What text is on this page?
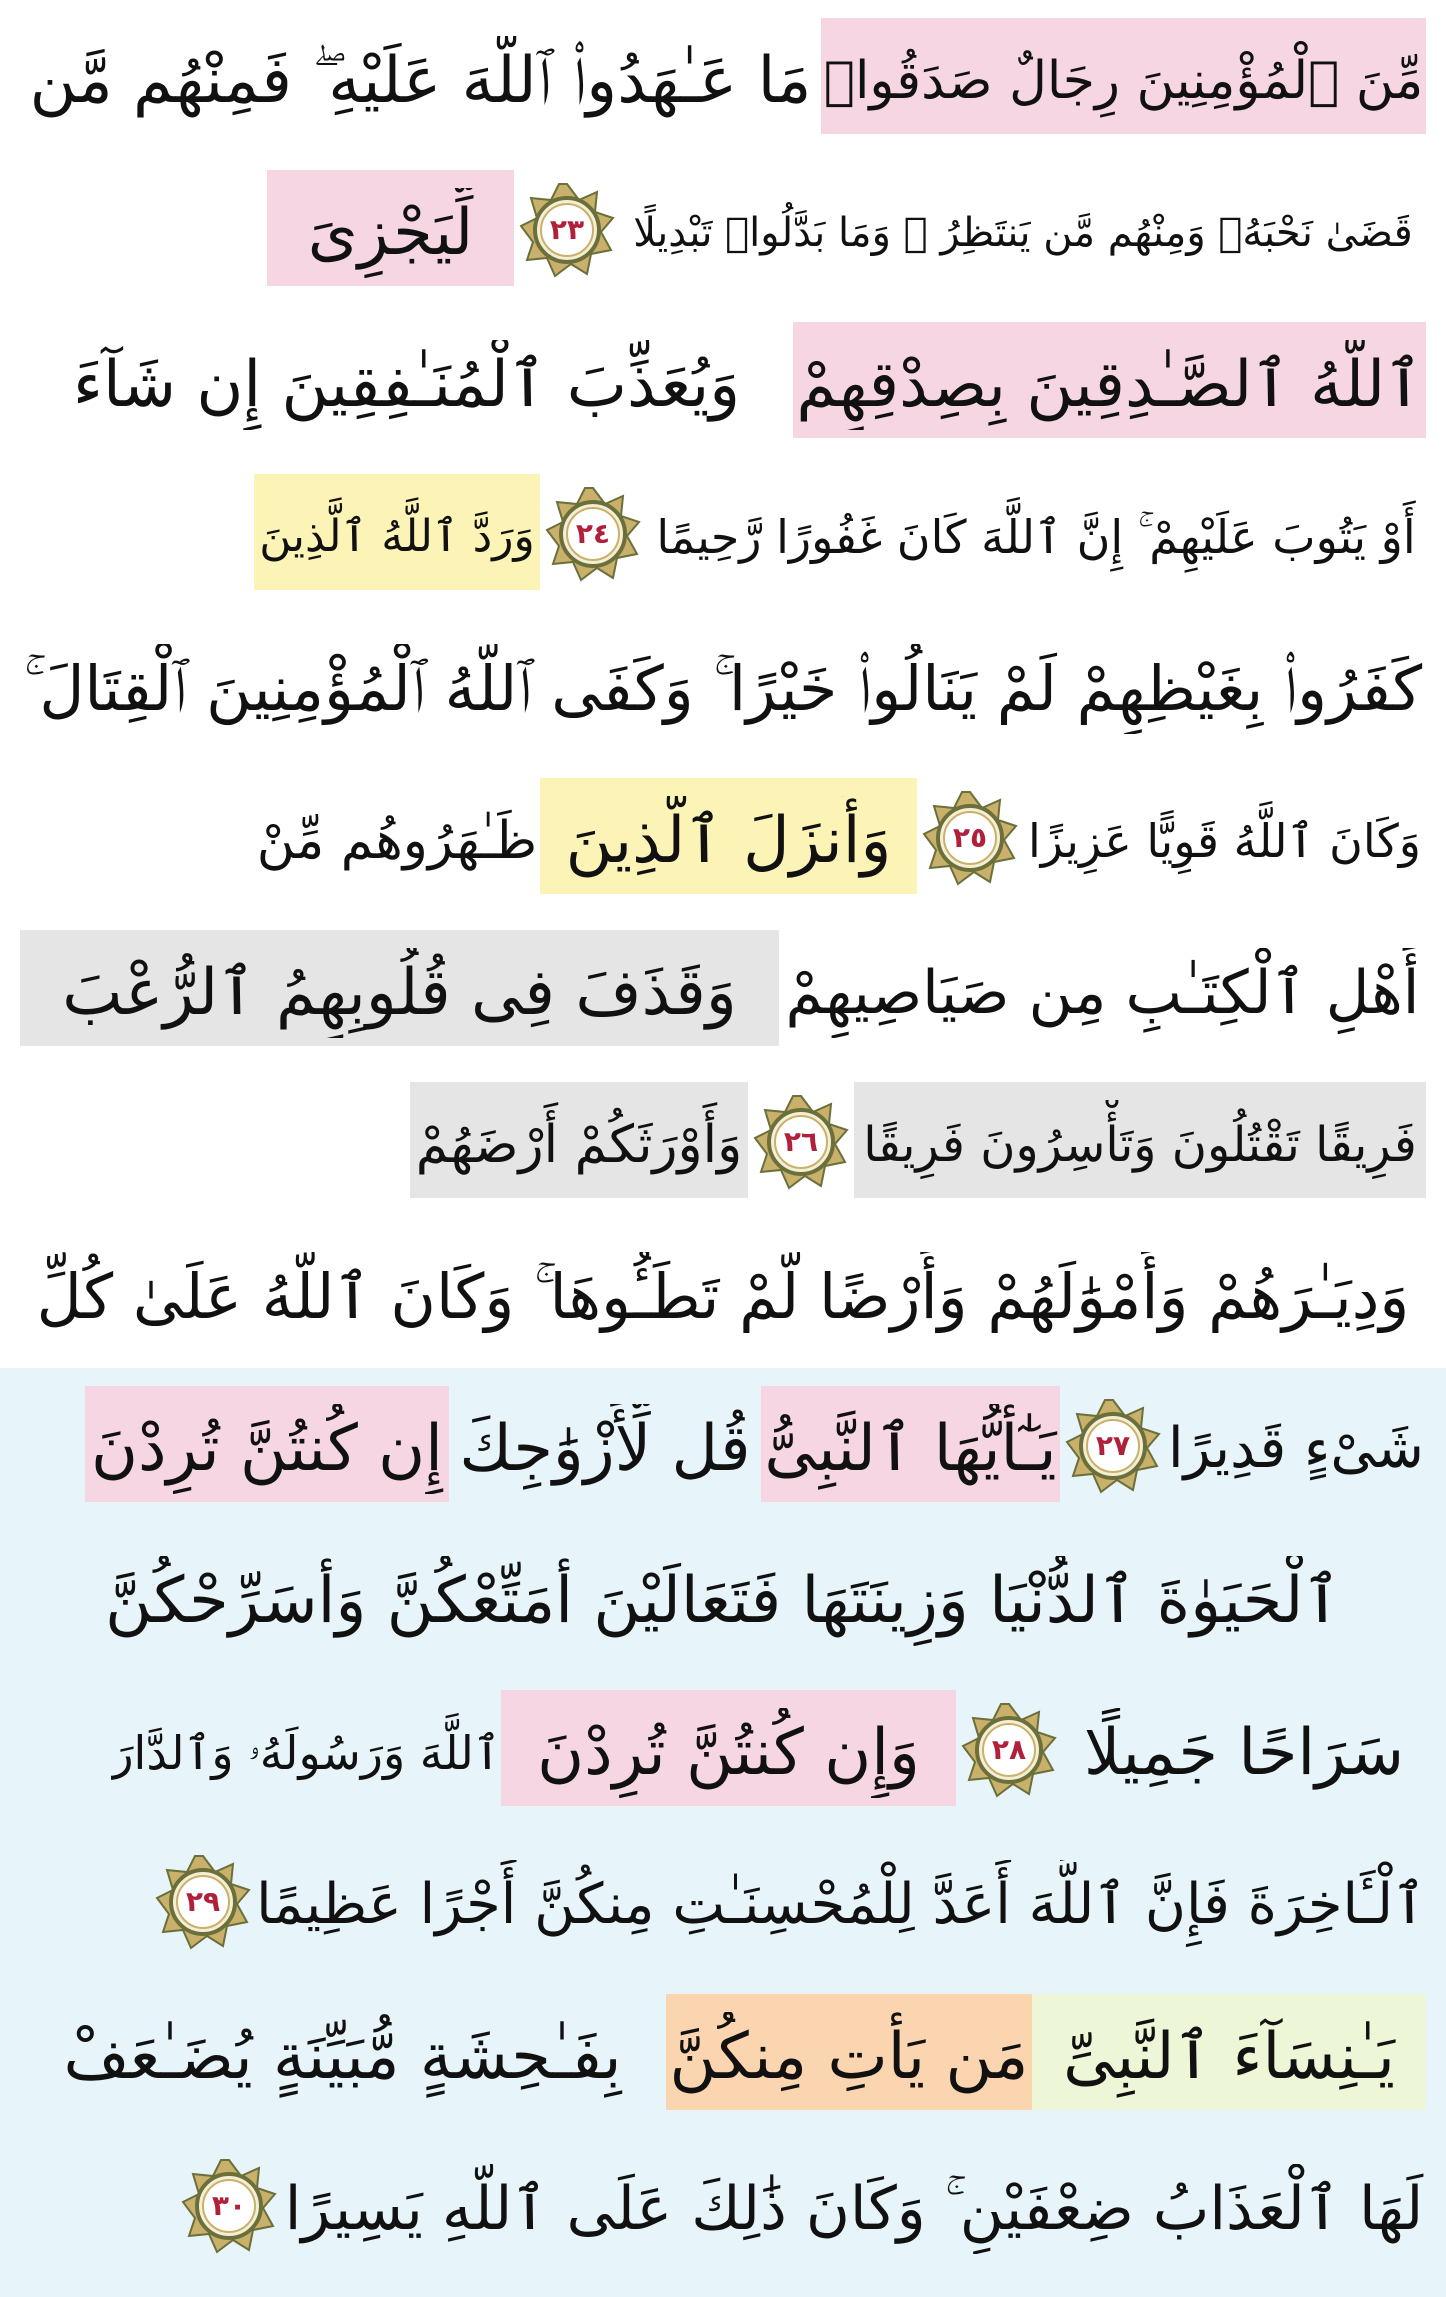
مِّنَ ٱلْمُؤْمِنِينَ رِجَالٌ صَدَقُوا۟
مَا عَـٰهَدُوا۟ ٱللَّهَ عَلَيْهِ ۖ فَمِنْهُم مَّن
قَضَىٰ نَحْبَهُۥ وَمِنْهُم مَّن يَنتَظِرُ ۖ وَمَا بَدَّلُوا۟ تَبْدِيلًا
٢٣
لِّيَجْزِىَ
ٱللَّهُ ٱلصَّـٰدِقِينَ بِصِدْقِهِمْ
وَيُعَذِّبَ ٱلْمُنَـٰفِقِينَ إِن شَآءَ
أَوْ يَتُوبَ عَلَيْهِمْ ۚ إِنَّ ٱللَّهَ كَانَ غَفُورًا رَّحِيمًا
٢٤
وَرَدَّ ٱللَّهُ ٱلَّذِينَ
كَفَرُوا۟ بِغَيْظِهِمْ لَمْ يَنَالُوا۟ خَيْرًا ۚ وَكَفَى ٱللَّهُ ٱلْمُؤْمِنِينَ ٱلْقِتَالَ ۚ
وَكَانَ ٱللَّهُ قَوِيًّا عَزِيزًا
٢٥
وَأَنزَلَ ٱلَّذِينَ
ظَـٰهَرُوهُم مِّنْ
أَهْلِ ٱلْكِتَـٰبِ مِن صَيَاصِيهِمْ
وَقَذَفَ فِى قُلُوبِهِمُ ٱلرُّعْبَ
فَرِيقًا تَقْتُلُونَ وَتَأْسِرُونَ فَرِيقًا
٢٦
وَأَوْرَثَكُمْ أَرْضَهُمْ
وَدِيَـٰرَهُمْ وَأَمْوَٰلَهُمْ وَأَرْضًا لَّمْ تَطَـُٔوهَا ۚ وَكَانَ ٱللَّهُ عَلَىٰ كُلِّ
شَىْءٍ قَدِيرًا
٢٧
يَـٰٓأَيُّهَا ٱلنَّبِىُّ
قُل لِّأَزْوَٰجِكَ
إِن كُنتُنَّ تُرِدْنَ
ٱلْحَيَوٰةَ ٱلدُّنْيَا وَزِينَتَهَا فَتَعَالَيْنَ أُمَتِّعْكُنَّ وَأُسَرِّحْكُنَّ
سَرَاحًا جَمِيلًا
٢٨
وَإِن كُنتُنَّ تُرِدْنَ
ٱللَّهَ وَرَسُولَهُۥ وَٱلدَّارَ
ٱلْـَٔاخِرَةَ فَإِنَّ ٱللَّهَ أَعَدَّ لِلْمُحْسِنَـٰتِ مِنكُنَّ أَجْرًا عَظِيمًا
٢٩
يَـٰنِسَآءَ ٱلنَّبِىِّ
مَن يَأْتِ مِنكُنَّ
بِفَـٰحِشَةٍ مُّبَيِّنَةٍ يُضَـٰعَفْ
لَهَا ٱلْعَذَابُ ضِعْفَيْنِ ۚ وَكَانَ ذَٰلِكَ عَلَى ٱللَّهِ يَسِيرًا
٣٠
